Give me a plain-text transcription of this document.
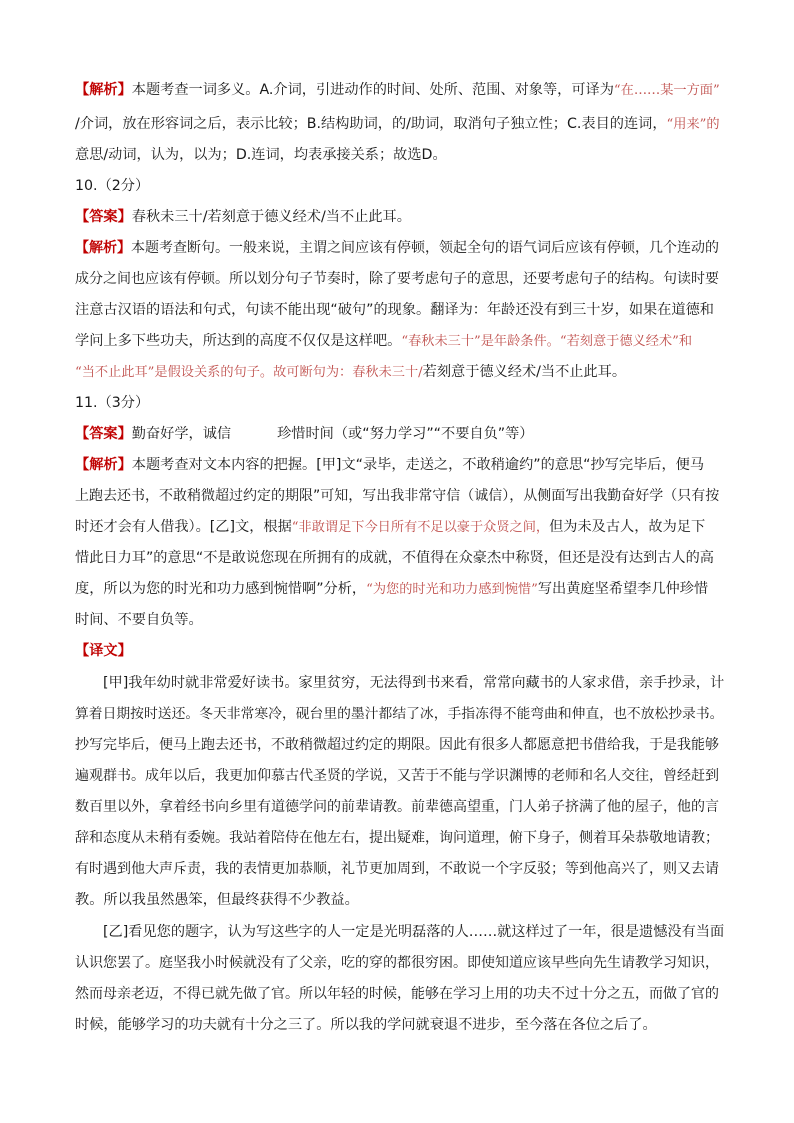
【解析】本题考查一词多义。A.介词，引进动作的时间、处所、范围、对象等，可译为“在……某一方面”
/介词，放在形容词之后，表示比较；B.结构助词，的/助词，取消句子独立性；C.表目的连词，“用来”的
意思/动词，认为，以为；D.连词，均表承接关系；故选D。
10.（2分）
【答案】春秋未三十/若刻意于德义经术/当不止此耳。
【解析】本题考查断句。一般来说，主谓之间应该有停顿，领起全句的语气词后应该有停顿，几个连动的
成分之间也应该有停顿。所以划分句子节奏时，除了要考虑句子的意思，还要考虑句子的结构。句读时要
注意古汉语的语法和句式，句读不能出现“破句”的现象。翻译为：年龄还没有到三十岁，如果在道德和
学问上多下些功夫，所达到的高度不仅仅是这样吧。“春秋未三十”是年龄条件。“若刻意于德义经术”和
“当不止此耳”是假设关系的句子。故可断句为：春秋未三十/若刻意于德义经术/当不止此耳。
11.（3分）
【答案】勤奋好学，诚信	珍惜时间（或“努力学习”“不要自负”等）
【解析】本题考查对文本内容的把握。[甲]文“录毕，走送之，不敢稍逾约”的意思“抄写完毕后，便马
上跑去还书，不敢稍微超过约定的期限”可知，写出我非常守信（诚信），从侧面写出我勤奋好学（只有按
时还才会有人借我）。[乙]文，根据“非敢谓足下今日所有不足以豪于众贤之间，但为未及古人，故为足下
惜此日力耳”的意思“不是敢说您现在所拥有的成就，不值得在众豪杰中称贤，但还是没有达到古人的高
度，所以为您的时光和功力感到惋惜啊”分析，“为您的时光和功力感到惋惜”写出黄庭坚希望李几仲珍惜
时间、不要自负等。
【译文】
[甲]我年幼时就非常爱好读书。家里贫穷，无法得到书来看，常常向藏书的人家求借，亲手抄录，计
算着日期按时送还。冬天非常寒冷，砚台里的墨汁都结了冰，手指冻得不能弯曲和伸直，也不放松抄录书。
抄写完毕后，便马上跑去还书，不敢稍微超过约定的期限。因此有很多人都愿意把书借给我，于是我能够
遍观群书。成年以后，我更加仰慕古代圣贤的学说，又苦于不能与学识渊博的老师和名人交往，曾经赶到
数百里以外，拿着经书向乡里有道德学问的前辈请教。前辈德高望重，门人弟子挤满了他的屋子，他的言
辞和态度从未稍有委婉。我站着陪侍在他左右，提出疑难，询问道理，俯下身子，侧着耳朵恭敬地请教；
有时遇到他大声斥责，我的表情更加恭顺，礼节更加周到，不敢说一个字反驳；等到他高兴了，则又去请
教。所以我虽然愚笨，但最终获得不少教益。
[乙]看见您的题字，认为写这些字的人一定是光明磊落的人……就这样过了一年，很是遗憾没有当面
认识您罢了。庭坚我小时候就没有了父亲，吃的穿的都很穷困。即使知道应该早些向先生请教学习知识，
然而母亲老迈，不得已就先做了官。所以年轻的时候，能够在学习上用的功夫不过十分之五，而做了官的
时候，能够学习的功夫就有十分之三了。所以我的学问就衰退不进步，至今落在各位之后了。
